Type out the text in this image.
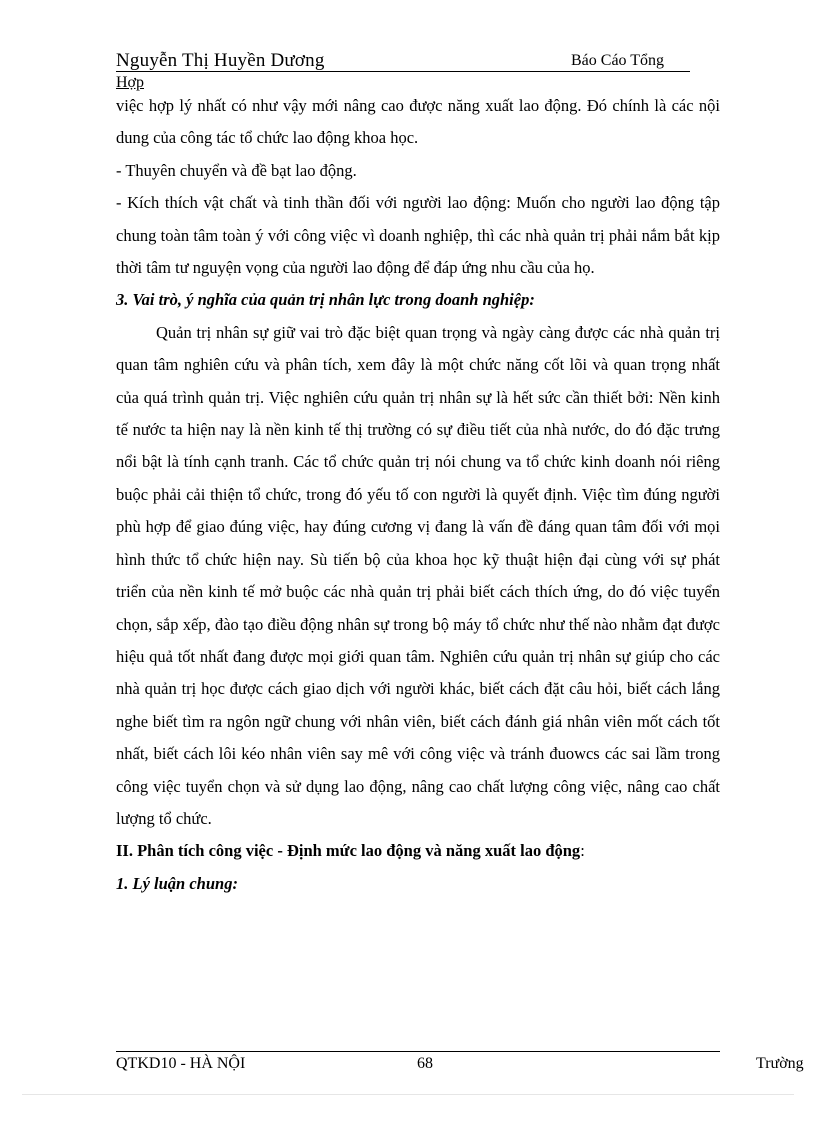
Nguyễn Thị Huyền Dương	Báo Cáo Tổng
Hợp

việc hợp lý nhất có như vậy mới nâng cao được năng xuất lao động. Đó chính là các nội dung của công tác tổ chức lao động khoa học.

- Thuyên chuyển và đề bạt lao động.

- Kích thích vật chất và tinh thần đối với người lao động: Muốn cho người lao động tập chung toàn tâm toàn ý với công việc vì doanh nghiệp, thì các nhà quản trị phải nắm bắt kịp thời tâm tư nguyện vọng của người lao động để đáp ứng nhu cầu của họ.

3. Vai trò, ý nghĩa của quản trị nhân lực trong doanh nghiệp:

Quản trị nhân sự giữ vai trò đặc biệt quan trọng và ngày càng được các nhà quản trị quan tâm nghiên cứu và phân tích, xem đây là một chức năng cốt lõi và quan trọng nhất của quá trình quản trị. Việc nghiên cứu quản trị nhân sự là hết sức cần thiết bởi: Nền kinh tế nước ta hiện nay là nền kinh tế thị trường có sự điều tiết của nhà nước, do đó đặc trưng nổi bật là tính cạnh tranh. Các tổ chức quản trị nói chung va tổ chức kinh doanh nói riêng buộc phải cải thiện tổ chức, trong đó yếu tố con người là quyết định. Việc tìm đúng người phù hợp để giao đúng việc, hay đúng cương vị đang là vấn đề đáng quan tâm đối với mọi hình thức tổ chức hiện nay. Sù tiến bộ của khoa học kỹ thuật hiện đại cùng với sự phát triển của nền kinh tế mở buộc các nhà quản trị phải biết cách thích ứng, do đó việc tuyển chọn, sắp xếp, đào tạo điều động nhân sự trong bộ máy tổ chức như thế nào nhằm đạt được hiệu quả tốt nhất đang được mọi giới quan tâm. Nghiên cứu quản trị nhân sự giúp cho các nhà quản trị học được cách giao dịch với người khác, biết cách đặt câu hỏi, biết cách lắng nghe biết tìm ra ngôn ngữ chung với nhân viên, biết cách đánh giá nhân viên mốt cách tốt nhất, biết cách lôi kéo nhân viên say mê với công việc và tránh đuowcs các sai lầm trong công việc tuyển chọn và sử dụng lao động, nâng cao chất lượng công việc, nâng cao chất lượng tổ chức.

II. Phân tích công việc - Định mức lao động và năng xuất lao động:

1. Lý luận chung:

QTKD10 - HÀ NỘI	68	Trường
